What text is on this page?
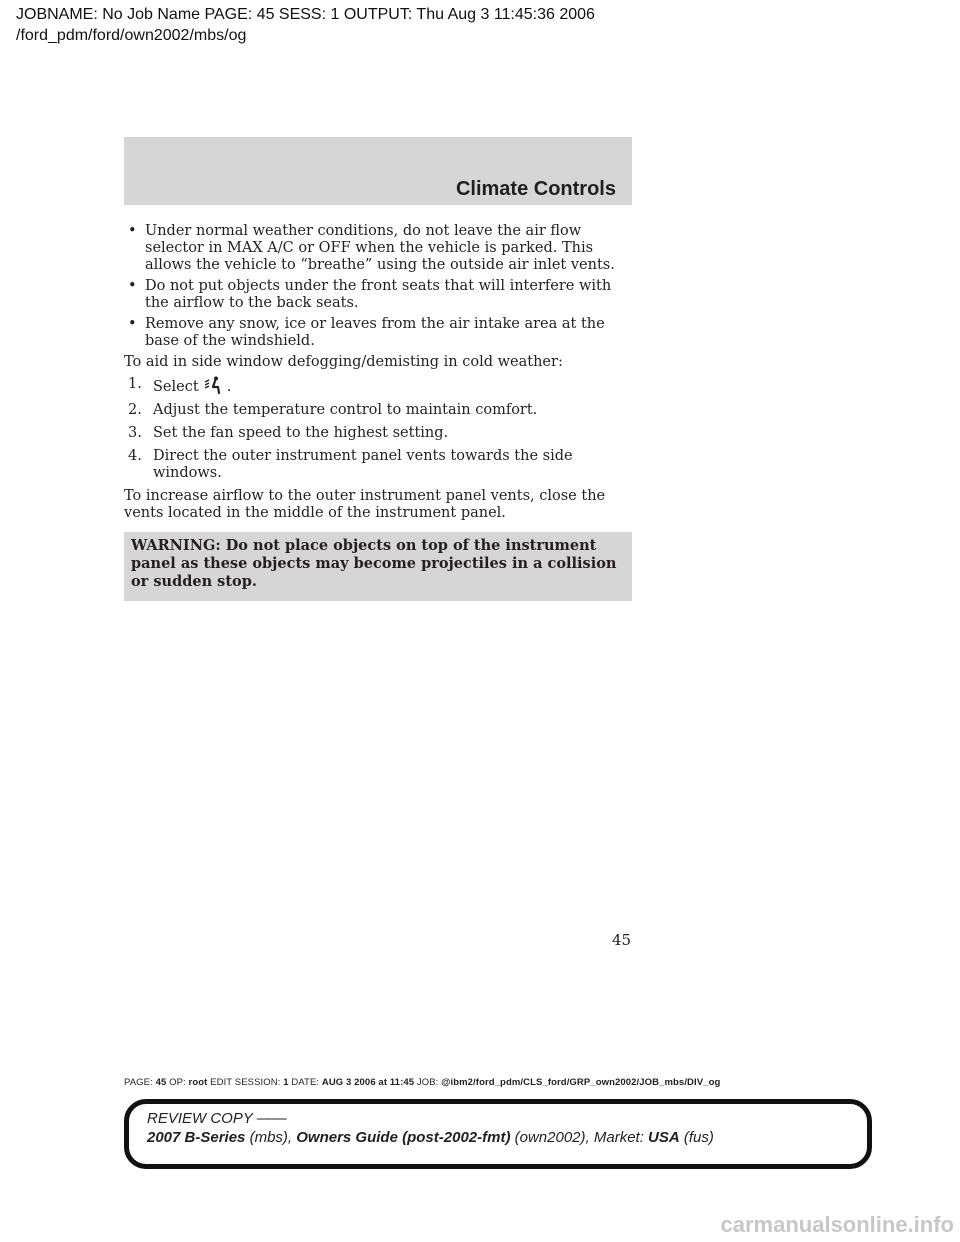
JOBNAME: No Job Name PAGE: 45 SESS: 1 OUTPUT: Thu Aug 3 11:45:36 2006
/ford_pdm/ford/own2002/mbs/og
Climate Controls
• Under normal weather conditions, do not leave the air flow selector in MAX A/C or OFF when the vehicle is parked. This allows the vehicle to “breathe” using the outside air inlet vents.
• Do not put objects under the front seats that will interfere with the airflow to the back seats.
• Remove any snow, ice or leaves from the air intake area at the base of the windshield.
To aid in side window defogging/demisting in cold weather:
1. Select .
2. Adjust the temperature control to maintain comfort.
3. Set the fan speed to the highest setting.
4. Direct the outer instrument panel vents towards the side windows.
To increase airflow to the outer instrument panel vents, close the vents located in the middle of the instrument panel.
WARNING: Do not place objects on top of the instrument panel as these objects may become projectiles in a collision or sudden stop.
45
PAGE: 45 OP: root EDIT SESSION: 1 DATE: AUG 3 2006 at 11:45 JOB: @ibm2/ford_pdm/CLS_ford/GRP_own2002/JOB_mbs/DIV_og
REVIEW COPY ——
2007 B-Series (mbs), Owners Guide (post-2002-fmt) (own2002), Market: USA (fus)
carmanualsonline.info
